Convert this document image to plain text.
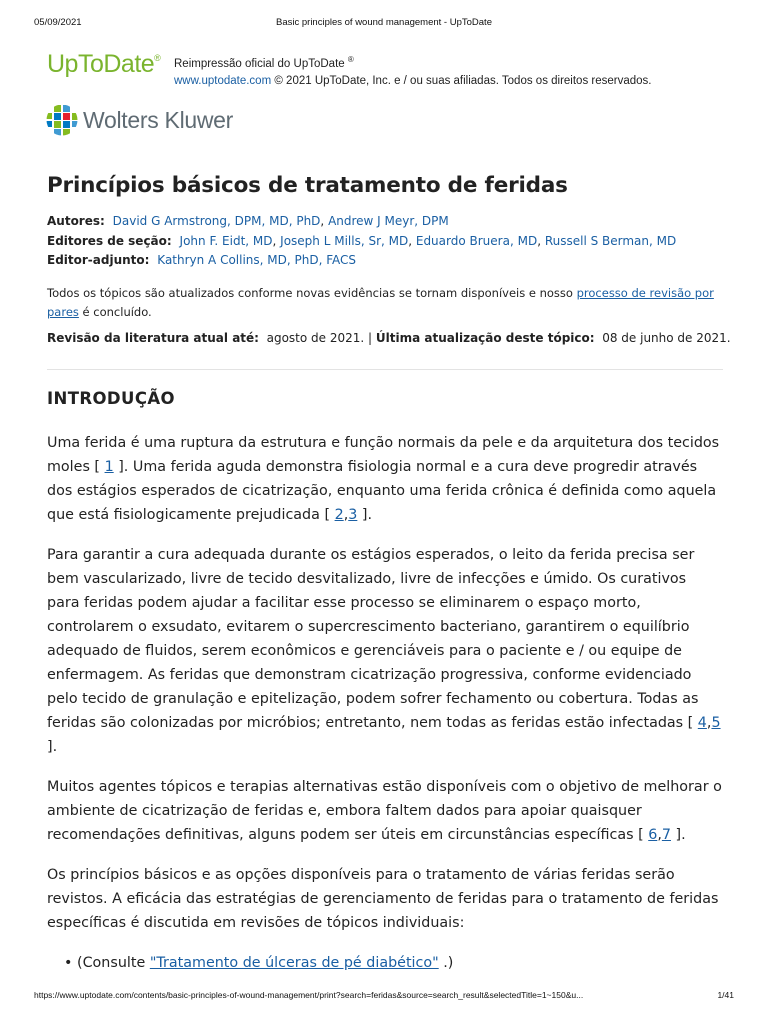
05/09/2021	Basic principles of wound management - UpToDate
UpToDate® Reimpressão oficial do UpToDate ®
www.uptodate.com © 2021 UpToDate, Inc. e / ou suas afiliadas. Todos os direitos reservados.
Wolters Kluwer
Princípios básicos de tratamento de feridas
Autores: David G Armstrong, DPM, MD, PhD, Andrew J Meyr, DPM
Editores de seção: John F. Eidt, MD, Joseph L Mills, Sr, MD, Eduardo Bruera, MD, Russell S Berman, MD
Editor-adjunto: Kathryn A Collins, MD, PhD, FACS

Todos os tópicos são atualizados conforme novas evidências se tornam disponíveis e nosso processo de revisão por pares é concluído.

Revisão da literatura atual até: agosto de 2021. | Última atualização deste tópico: 08 de junho de 2021.

INTRODUÇÃO

Uma ferida é uma ruptura da estrutura e função normais da pele e da arquitetura dos tecidos moles [ 1 ]. Uma ferida aguda demonstra fisiologia normal e a cura deve progredir através dos estágios esperados de cicatrização, enquanto uma ferida crônica é definida como aquela que está fisiologicamente prejudicada [ 2,3 ].

Para garantir a cura adequada durante os estágios esperados, o leito da ferida precisa ser bem vascularizado, livre de tecido desvitalizado, livre de infecções e úmido. Os curativos para feridas podem ajudar a facilitar esse processo se eliminarem o espaço morto, controlarem o exsudato, evitarem o supercrescimento bacteriano, garantirem o equilíbrio adequado de fluidos, serem econômicos e gerenciáveis para o paciente e / ou equipe de enfermagem. As feridas que demonstram cicatrização progressiva, conforme evidenciado pelo tecido de granulação e epitelização, podem sofrer fechamento ou cobertura. Todas as feridas são colonizadas por micróbios; entretanto, nem todas as feridas estão infectadas [ 4,5 ].

Muitos agentes tópicos e terapias alternativas estão disponíveis com o objetivo de melhorar o ambiente de cicatrização de feridas e, embora faltem dados para apoiar quaisquer recomendações definitivas, alguns podem ser úteis em circunstâncias específicas [ 6,7 ].

Os princípios básicos e as opções disponíveis para o tratamento de várias feridas serão revistos. A eficácia das estratégias de gerenciamento de feridas para o tratamento de feridas específicas é discutida em revisões de tópicos individuais:

• (Consulte "Tratamento de úlceras de pé diabético" .)
https://www.uptodate.com/contents/basic-principles-of-wound-management/print?search=feridas&source=search_result&selectedTitle=1~150&u...	1/41
